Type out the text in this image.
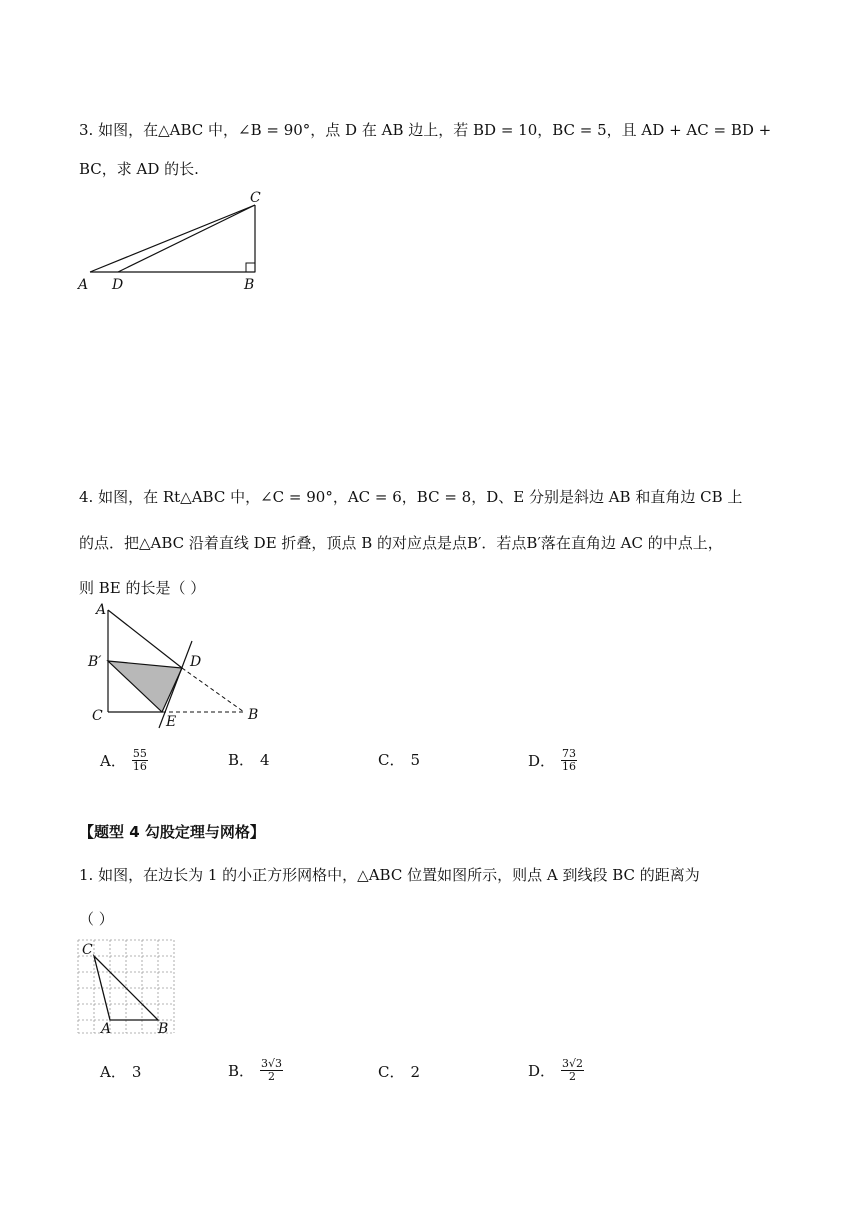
3. 如图，在△ABC 中，∠B = 90°，点 D 在 AB 边上，若 BD = 10，BC = 5，且 AD + AC = BD +
BC，求 AD 的长.
A D	B
C
4. 如图，在 Rt△ABC 中，∠C = 90°，AC = 6，BC = 8，D、E 分别是斜边 AB 和直角边 CB 上
的点．把△ABC 沿着直线 DE 折叠，顶点 B 的对应点是点B′．若点B′落在直角边 AC 的中点上，
则 BE 的长是（ ）
A
B′
C
D
E	B
A． $\frac{55}{16}$	B． 4	C． 5	D． $\frac{73}{16}$
【题型 4 勾股定理与网格】
1. 如图，在边长为 1 的小正方形网格中，△ABC 位置如图所示，则点 A 到线段 BC 的距离为
（ ）
C
A	B
A． 3	B． $\frac{3√3}{2}$	C． 2	D． $\frac{3√2}{2}$
